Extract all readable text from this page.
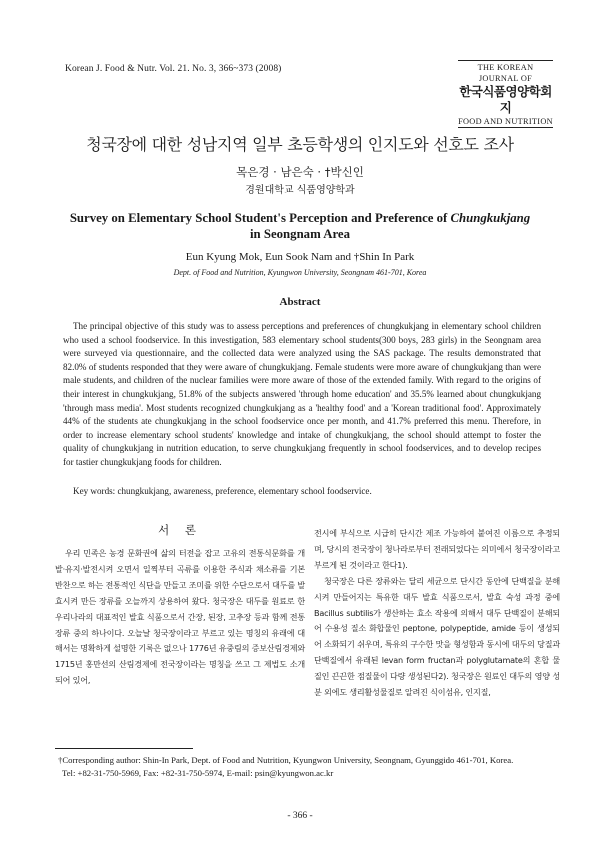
Korean J. Food & Nutr. Vol. 21. No. 3, 366~373 (2008)	THE KOREAN JOURNAL OF
한국식품영양학회지
FOOD AND NUTRITION
청국장에 대한 성남지역 일부 초등학생의 인지도와 선호도 조사
목은경 · 남은숙 · †박신인
경원대학교 식품영양학과
Survey on Elementary School Student's Perception and Preference of Chungkukjang
in Seongnam Area
Eun Kyung Mok, Eun Sook Nam and †Shin In Park
Dept. of Food and Nutrition, Kyungwon University, Seongnam 461-701, Korea
Abstract

The principal objective of this study was to assess perceptions and preferences of chungkukjang in elementary school children who used a school foodservice. In this investigation, 583 elementary school students(300 boys, 283 girls) in the Seongnam area were surveyed via questionnaire, and the collected data were analyzed using the SAS package. The results demonstrated that 82.0% of students responded that they were aware of chungkukjang. Female students were more aware of chungkukjang than were male students, and children of the nuclear families were more aware of those of the extended family. With regard to the origins of their interest in chungkukjang, 51.8% of the subjects answered 'through home education' and 35.5% learned about chungkukjang 'through mass media'. Most students recognized chungkukjang as a 'healthy food' and a 'Korean traditional food'. Approximately 44% of the students ate chungkukjang in the school foodservice once per month, and 41.7% preferred this menu. Therefore, in order to increase elementary school students' knowledge and intake of chungkukjang, the school should attempt to foster the quality of chungkukjang in nutrition education, to serve chungkukjang frequently in school foodservices, and to develop recipes for tastier chungkukjang foods for children.

Key words: chungkukjang, awareness, preference, elementary school foodservice.
서 론

우리 민족은 농경 문화권에 삶의 터전을 잡고 고유의 전통식문화를 개발·유지·발전시켜 오면서 일찍부터 곡류를 이용한 주식과 채소류를 기본 반찬으로 하는 전통적인 식단을 만들고 조미를 위한 수단으로서 대두를 발효시켜 만든 장류를 오늘까지 상용하여 왔다. 청국장은 대두를 원료로 한 우리나라의 대표적인 발효 식품으로서 간장, 된장, 고추장 등과 함께 전통 장류 중의 하나이다. 오늘날 청국장이라고 부르고 있는 명칭의 유래에 대해서는 명확하게 설명한 기록은 없으나 1776년 유중림의 증보산림경제와 1715년 홍만선의 산림경제에 전국장이라는 명칭을 쓰고 그 제법도 소개되어 있어,

전시에 부식으로 시급히 단시간 제조 가능하여 붙여진 이름으로 추정되며, 당시의 전국장이 청나라로부터 전래되었다는 의미에서 청국장이라고 부르게 된 것이라고 한다1).

청국장은 다른 장류와는 달리 세균으로 단시간 동안에 단백질을 분해시켜 만들어지는 특유한 대두 발효 식품으로서, 발효 숙성 과정 중에 Bacillus subtilis가 생산하는 효소 작용에 의해서 대두 단백질이 분해되어 수용성 질소 화합물인 peptone, polypeptide, amide 등이 생성되어 소화되기 쉬우며, 특유의 구수한 맛을 형성함과 동시에 대두의 당질과 단백질에서 유래된 levan form fructan과 polyglutamate의 혼합 물질인 끈끈한 점질물이 다량 생성된다2). 청국장은 원료인 대두의 영양 성분 외에도 생리활성물질로 알려진 식이섬유, 인지질,

†Corresponding author: Shin-In Park, Dept. of Food and Nutrition, Kyungwon University, Seongnam, Gyunggido 461-701, Korea.
Tel: +82-31-750-5969, Fax: +82-31-750-5974, E-mail: psin@kyungwon.ac.kr
- 366 -
